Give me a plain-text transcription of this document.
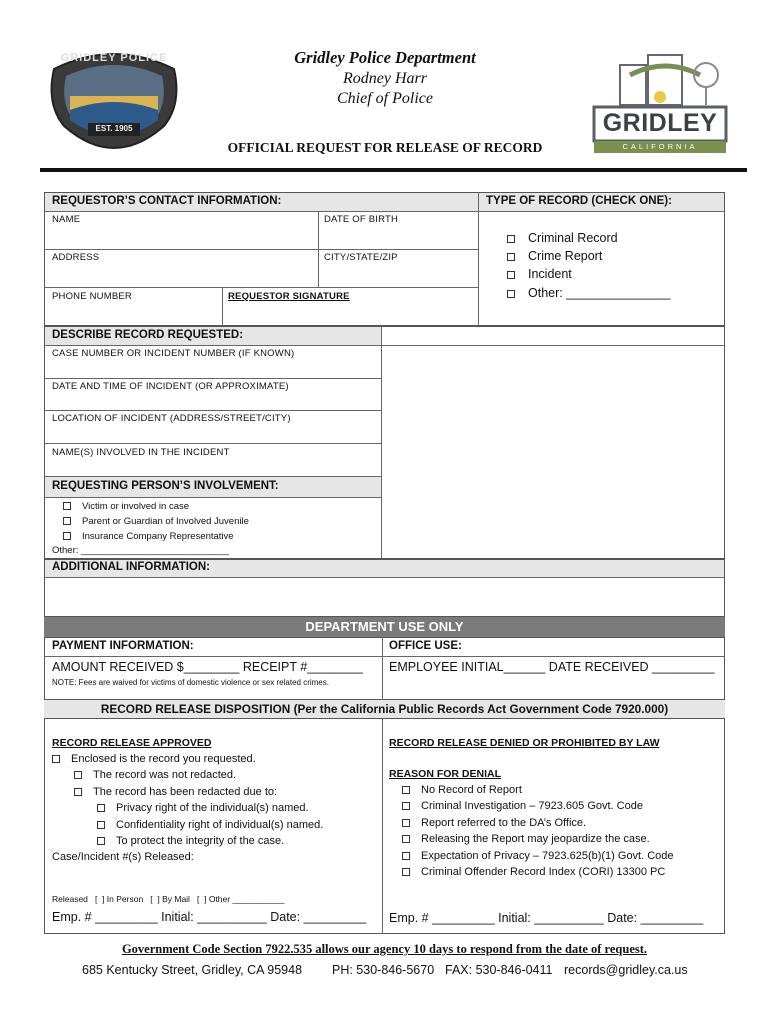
GRIDLEY POLICE
EST. 1905
Gridley Police Department
Rodney Harr
Chief of Police
OFFICIAL REQUEST FOR RELEASE OF RECORD
GRIDLEY
CALIFORNIA
REQUESTOR’S CONTACT INFORMATION:	TYPE OF RECORD (CHECK ONE):
NAME	DATE OF BIRTH
ADDRESS	CITY/STATE/ZIP
PHONE NUMBER	REQUESTOR SIGNATURE
Criminal Record
Crime Report
Incident
Other: _______________
DESCRIBE RECORD REQUESTED:
CASE NUMBER OR INCIDENT NUMBER (IF KNOWN)
DATE AND TIME OF INCIDENT (OR APPROXIMATE)
LOCATION OF INCIDENT (ADDRESS/STREET/CITY)
NAME(S) INVOLVED IN THE INCIDENT
REQUESTING PERSON’S INVOLVEMENT:
Victim or involved in case
Parent or Guardian of Involved Juvenile
Insurance Company Representative
Other: ____________________________
ADDITIONAL INFORMATION:
DEPARTMENT USE ONLY
PAYMENT INFORMATION:	OFFICE USE:
AMOUNT RECEIVED $________ RECEIPT #________
NOTE: Fees are waived for victims of domestic violence or sex related crimes.
EMPLOYEE INITIAL______ DATE RECEIVED _________
RECORD RELEASE DISPOSITION (Per the California Public Records Act Government Code 7920.000)
RECORD RELEASE APPROVED
Enclosed is the record you requested.
The record was not redacted.
The record has been redacted due to:
Privacy right of the individual(s) named.
Confidentiality right of individual(s) named.
To protect the integrity of the case.
Case/Incident #(s) Released:
Released   [  ] In Person   [  ] By Mail   [  ] Other ___________
Emp. # _________ Initial: __________ Date: _________
RECORD RELEASE DENIED OR PROHIBITED BY LAW
REASON FOR DENIAL
No Record of Report
Criminal Investigation – 7923.605 Govt. Code
Report referred to the DA’s Office.
Releasing the Report may jeopardize the case.
Expectation of Privacy – 7923.625(b)(1) Govt. Code
Criminal Offender Record Index (CORI) 13300 PC
Emp. # _________ Initial: __________ Date: _________
Government Code Section 7922.535 allows our agency 10 days to respond from the date of request.
685 Kentucky Street, Gridley, CA 95948 PH: 530-846-5670 FAX: 530-846-0411 records@gridley.ca.us
